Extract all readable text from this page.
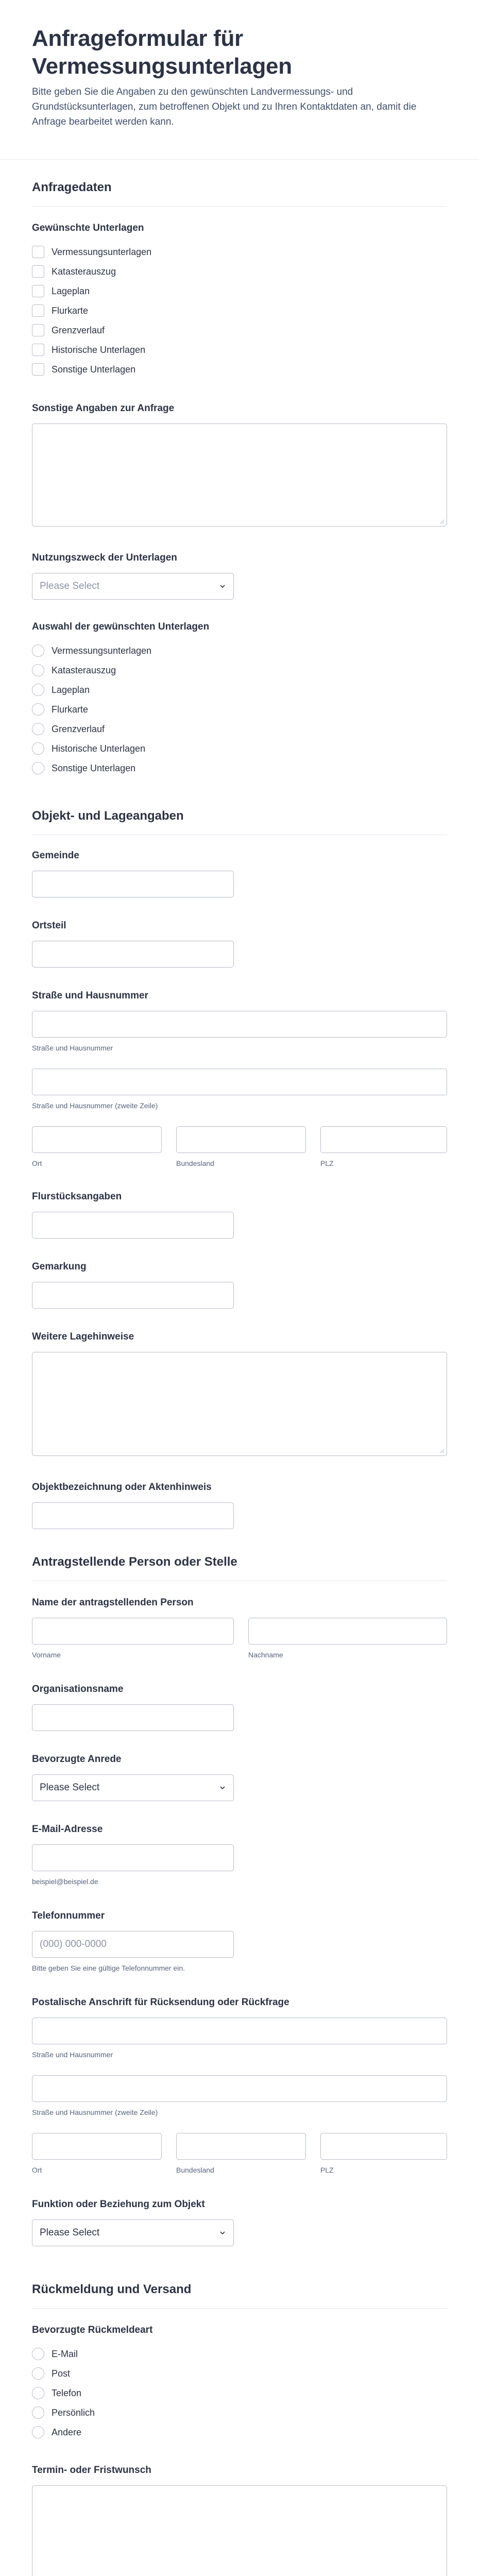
Anfrageformular für Vermessungsunterlagen

Bitte geben Sie die Angaben zu den gewünschten Landvermessungs- und Grundstücksunterlagen, zum betroffenen Objekt und zu Ihren Kontaktdaten an, damit die Anfrage bearbeitet werden kann.

Anfragedaten
Gewünschte Unterlagen
Vermessungsunterlagen
Katasterauszug
Lageplan
Flurkarte
Grenzverlauf
Historische Unterlagen
Sonstige Unterlagen
Sonstige Angaben zur Anfrage
Nutzungszweck der Unterlagen
Please Select
Auswahl der gewünschten Unterlagen
Vermessungsunterlagen
Katasterauszug
Lageplan
Flurkarte
Grenzverlauf
Historische Unterlagen
Sonstige Unterlagen
Objekt- und Lageangaben
Gemeinde
Ortsteil
Straße und Hausnummer
Straße und Hausnummer
Straße und Hausnummer (zweite Zeile)
Ort	Bundesland	PLZ
Flurstücksangaben
Gemarkung
Weitere Lagehinweise
Objektbezeichnung oder Aktenhinweis
Antragstellende Person oder Stelle
Name der antragstellenden Person
Vorname	Nachname
Organisationsname
Bevorzugte Anrede
Please Select
E-Mail-Adresse
beispiel@beispiel.de
Telefonnummer
(000) 000-0000
Bitte geben Sie eine gültige Telefonnummer ein.
Postalische Anschrift für Rücksendung oder Rückfrage
Straße und Hausnummer
Straße und Hausnummer (zweite Zeile)
Ort	Bundesland	PLZ
Funktion oder Beziehung zum Objekt
Please Select
Rückmeldung und Versand
Bevorzugte Rückmeldeart
E-Mail
Post
Telefon
Persönlich
Andere
Termin- oder Fristwunsch
